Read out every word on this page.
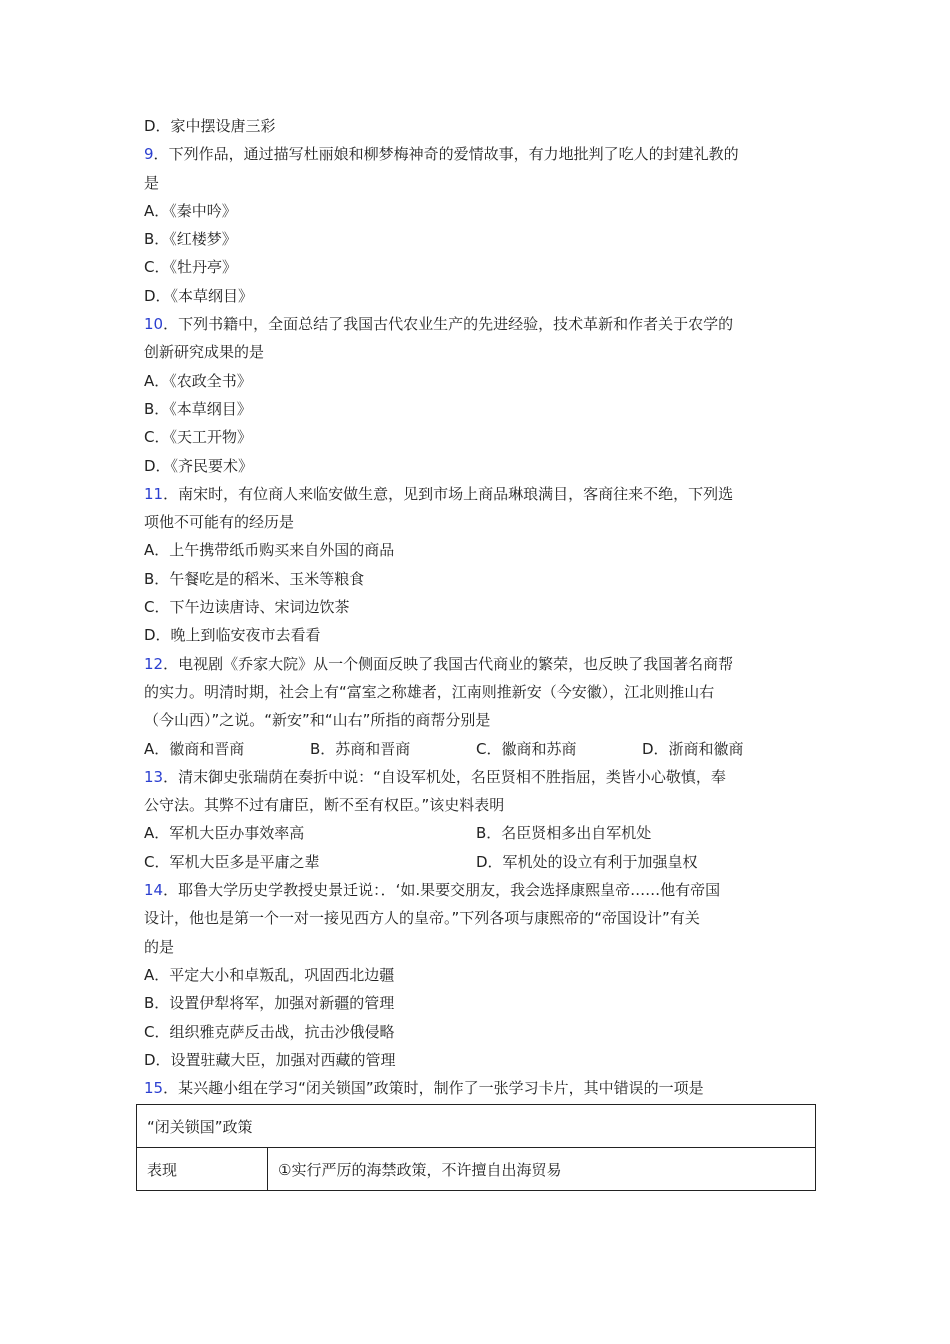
D．家中摆设唐三彩
9．下列作品，通过描写杜丽娘和柳梦梅神奇的爱情故事，有力地批判了吃人的封建礼教的
是
A．《秦中吟》
B．《红楼梦》
C．《牡丹亭》
D．《本草纲目》
10．下列书籍中，全面总结了我国古代农业生产的先进经验，技术革新和作者关于农学的
创新研究成果的是
A．《农政全书》
B．《本草纲目》
C．《天工开物》
D．《齐民要术》
11．南宋时，有位商人来临安做生意，见到市场上商品琳琅满目，客商往来不绝，下列选
项他不可能有的经历是
A．上午携带纸币购买来自外国的商品
B．午餐吃是的稻米、玉米等粮食
C．下午边读唐诗、宋词边饮茶
D．晚上到临安夜市去看看
12．电视剧《乔家大院》从一个侧面反映了我国古代商业的繁荣，也反映了我国著名商帮
的实力。明清时期，社会上有“富室之称雄者，江南则推新安（今安徽），江北则推山右
（今山西）”之说。“新安”和“山右”所指的商帮分别是
A．徽商和晋商	B．苏商和晋商	C．徽商和苏商	D．浙商和徽商
13．清末御史张瑞荫在奏折中说：“自设军机处，名臣贤相不胜指屈，类皆小心敬慎，奉
公守法。其弊不过有庸臣，断不至有权臣。”该史料表明
A．军机大臣办事效率高	B．名臣贤相多出自军机处
C．军机大臣多是平庸之辈	D．军机处的设立有利于加强皇权
14．耶鲁大学历史学教授史景迁说：．‘如.果要交朋友，我会选择康熙皇帝……他有帝国
设计，他也是第一个一对一接见西方人的皇帝。”下列各项与康熙帝的“帝国设计”有关
的是
A．平定大小和卓叛乱，巩固西北边疆
B．设置伊犁将军，加强对新疆的管理
C．组织雅克萨反击战，抗击沙俄侵略
D．设置驻藏大臣，加强对西藏的管理
15．某兴趣小组在学习“闭关锁国”政策时，制作了一张学习卡片，其中错误的一项是
“闭关锁国”政策
表现	①实行严厉的海禁政策，不许擅自出海贸易
